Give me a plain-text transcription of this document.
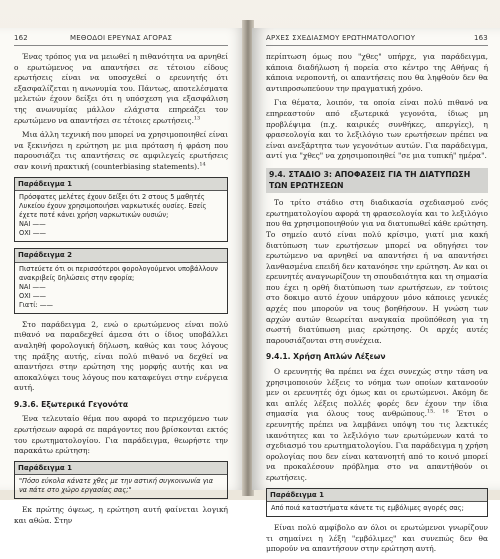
162	ΜΕΘΟΔΟΙ ΕΡΕΥΝΑΣ ΑΓΟΡΑΣ

Ένας τρόπος για να μειωθεί η πιθανότητα να αρνηθεί ο ερωτώμενος να απαντήσει σε τέτοιου είδους ερωτήσεις είναι να υποσχεθεί ο ερευνητής ότι εξασφαλίζεται η ανωνυμία του. Πάντως, αποτελέσματα μελετών έχουν δείξει ότι η υπόσχεση για εξασφάλιση της ανωνυμίας μάλλον ελάχιστα επηρεάζει τον ερωτώμενο να απαντήσει σε τέτοιες ερωτήσεις.$^{13}$

Μια άλλη τεχνική που μπορεί να χρησιμοποιηθεί είναι να ξεκινήσει η ερώτηση με μια πρόταση ή φράση που παρουσιάζει τις απαντήσεις σε αμφιλεγείς ερωτήσεις σαν κοινή πρακτική (counterbiasing statements).$^{14}$

Παράδειγμα 1
Πρόσφατες μελέτες έχουν δείξει ότι 2 στους 5 μαθητές Λυκείου έχουν χρησιμοποιήσει ναρκωτικές ουσίες. Εσείς έχετε ποτέ κάνει χρήση ναρκωτικών ουσιών;
ΝΑΙ ——
ΟΧΙ ——
Παράδειγμα 2
Πιστεύετε ότι οι περισσότεροι φορολογούμενοι υποβάλλουν ανακριβείς δηλώσεις στην εφορία;
ΝΑΙ ——
ΟΧΙ ——
Γιατί: ——

Στο παράδειγμα 2, ενώ ο ερωτώμενος είναι πολύ πιθανό να παραδεχθεί άμεσα ότι ο ίδιος υποβάλλει αναληθή φορολογική δήλωση, καθώς και τους λόγους της πράξης αυτής, είναι πολύ πιθανό να δεχθεί να απαντήσει στην ερώτηση της μορφής αυτής και να αποκαλύψει τους λόγους που καταφεύγει στην ενέργεια αυτή.

9.3.6. Εξωτερικά Γεγονότα

Ένα τελευταίο θέμα που αφορά το περιεχόμενο των ερωτήσεων αφορά σε παράγοντες που βρίσκονται εκτός του ερωτηματολογίου. Για παράδειγμα, θεωρήστε την παρακάτω ερώτηση:

Παράδειγμα 1
"Πόσο εύκολα κάνατε χθες με την αστική συγκοινωνία για να πάτε στο χώρο εργασίας σας;"

Εκ πρώτης όψεως, η ερώτηση αυτή φαίνεται λογική και αθώα. Στην

ΑΡΧΕΣ ΣΧΕΔΙΑΣΜΟΥ ΕΡΩΤΗΜΑΤΟΛΟΓΙΟΥ	163

περίπτωση όμως που "χθες" υπήρχε, για παράδειγμα, κάποια διαδήλωση ή πορεία στο κέντρο της Αθήνας ή κάποια νεροποντή, οι απαντήσεις που θα ληφθούν δεν θα αντιπροσωπεύουν την πραγματική χρόνο.

Για θέματα, λοιπόν, τα οποία είναι πολύ πιθανό να επηρεαστούν από εξωτερικά γεγονότα, ίδιως μη προβλέψιμα (π.χ. καιρικές συνθήκες, απεργίες), η φρασεολογία και το λεξιλόγιο των ερωτήσεων πρέπει να είναι ανεξάρτητα των γεγονότων αυτών. Για παράδειγμα, αντί για "χθες" να χρησιμοποιηθεί "σε μια τυπική" ημέρα".

9.4. ΣΤΑΔΙΟ 3: ΑΠΟΦΑΣΕΙΣ ΓΙΑ ΤΗ ΔΙΑΤΥΠΩΣΗ ΤΩΝ ΕΡΩΤΗΣΕΩΝ

Το τρίτο στάδιο στη διαδικασία σχεδιασμού ενός ερωτηματολογίου αφορά τη φρασεολογία και το λεξιλόγιο που θα χρησιμοποιηθούν για να διατυπωθεί κάθε ερώτηση. Το σημείο αυτό είναι πολύ κρίσιμο, γιατί μια κακή διατύπωση των ερωτήσεων μπορεί να οδηγήσει τον ερωτώμενο να αρνηθεί να απαντήσει ή να απαντήσει λανθασμένα επειδή δεν κατανόησε την ερώτηση. Αν και οι ερευνητές αναγνωρίζουν τη σπουδαιότητα και τη σημασία που έχει η ορθή διατύπωση των ερωτήσεων, εν τούτοις στο δοκιμο αυτό έχουν υπάρχουν μόνο κάποιες γενικές αρχές που μπορούν να τους βοηθήσουν. Η γνώση των αρχών αυτών θεωρείται αναγκαία προϋπόθεση για τη σωστή διατύπωση μιας ερώτησης. Οι αρχές αυτές παρουσιάζονται στη συνέχεια.

9.4.1. Χρήση Απλών Λέξεων

Ο ερευνητής θα πρέπει να έχει συνεχώς στην τάση να χρησιμοποιούν λέξεις το νόημα των οποίων κατανοούν μεν οι ερευνητές όχι όμως και οι ερωτώμενοι. Ακόμη δε και απλές λέξεις πολλές φορές δεν έχουν την ίδια σημασία για όλους τους ανθρώπους.$^{15, 16}$ Έτσι ο ερευνητής πρέπει να λαμβάνει υπόψη του τις λεκτικές ικανότητες και το λεξιλόγιο των ερωτώμενων κατά το σχεδιασμό του ερωτηματολογίου. Για παράδειγμα η χρήση ορολογίας που δεν είναι κατανοητή από το κοινό μπορεί να προκαλέσουν πρόβλημα στο να απαντήθούν οι ερωτήσεις.

Παράδειγμα 1
Από ποιά καταστήματα κάνετε τις εμβόλιμες αγορές σας;

Είναι πολύ αμφίβολο αν όλοι οι ερωτώμενοι γνωρίζουν τι σημαίνει η λέξη "εμβόλιμες" και συνεπώς δεν θα μπορούν να απαντήσουν στην ερώτηση αυτή.
